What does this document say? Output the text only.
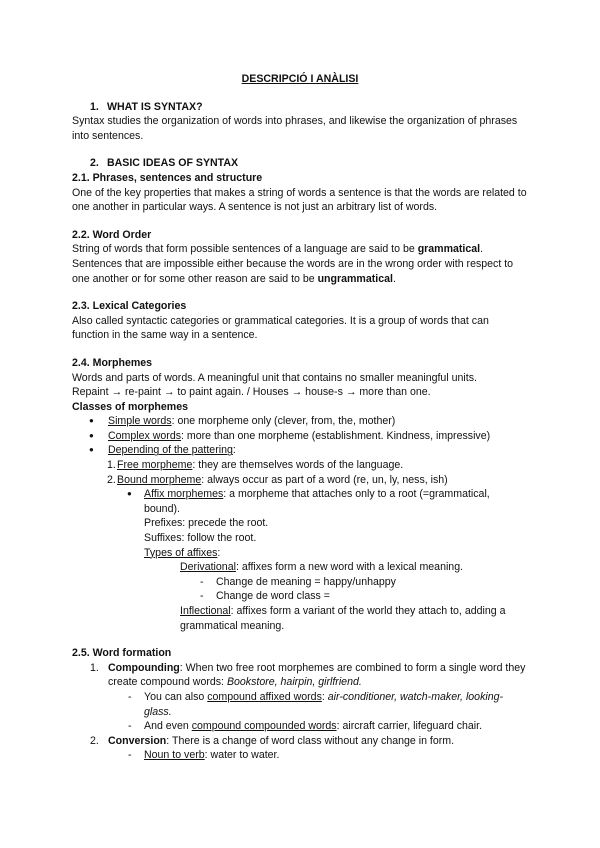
DESCRIPCIÓ I ANÀLISI
1. WHAT IS SYNTAX?

Syntax studies the organization of words into phrases, and likewise the organization of phrases into sentences.

2. BASIC IDEAS OF SYNTAX
2.1. Phrases, sentences and structure

One of the key properties that makes a string of words a sentence is that the words are related to one another in particular ways. A sentence is not just an arbitrary list of words.

2.2. Word Order

String of words that form possible sentences of a language are said to be grammatical. Sentences that are impossible either because the words are in the wrong order with respect to one another or for some other reason are said to be ungrammatical.

2.3. Lexical Categories

Also called syntactic categories or grammatical categories. It is a group of words that can function in the same way in a sentence.

2.4. Morphemes

Words and parts of words. A meaningful unit that contains no smaller meaningful units.

Repaint → re-paint → to paint again. / Houses → house-s → more than one.

Classes of morphemes
● Simple words: one morpheme only (clever, from, the, mother)
● Complex words: more than one morpheme (establishment. Kindness, impressive)
● Depending of the pattering:
1. Free morpheme: they are themselves words of the language.
2. Bound morpheme: always occur as part of a word (re, un, ly, ness, ish)
● Affix morphemes: a morpheme that attaches only to a root (=grammatical, bound).
Prefixes: precede the root.
Suffixes: follow the root.
Types of affixes:
Derivational: affixes form a new word with a lexical meaning.
- Change de meaning = happy/unhappy
- Change de word class =
Inflectional: affixes form a variant of the world they attach to, adding a grammatical meaning.
2.5. Word formation
1. Compounding: When two free root morphemes are combined to form a single word they create compound words: Bookstore, hairpin, girlfriend.
- You can also compound affixed words: air-conditioner, watch-maker, looking-glass.
- And even compound compounded words: aircraft carrier, lifeguard chair.
2. Conversion: There is a change of word class without any change in form.
- Noun to verb: water to water.
